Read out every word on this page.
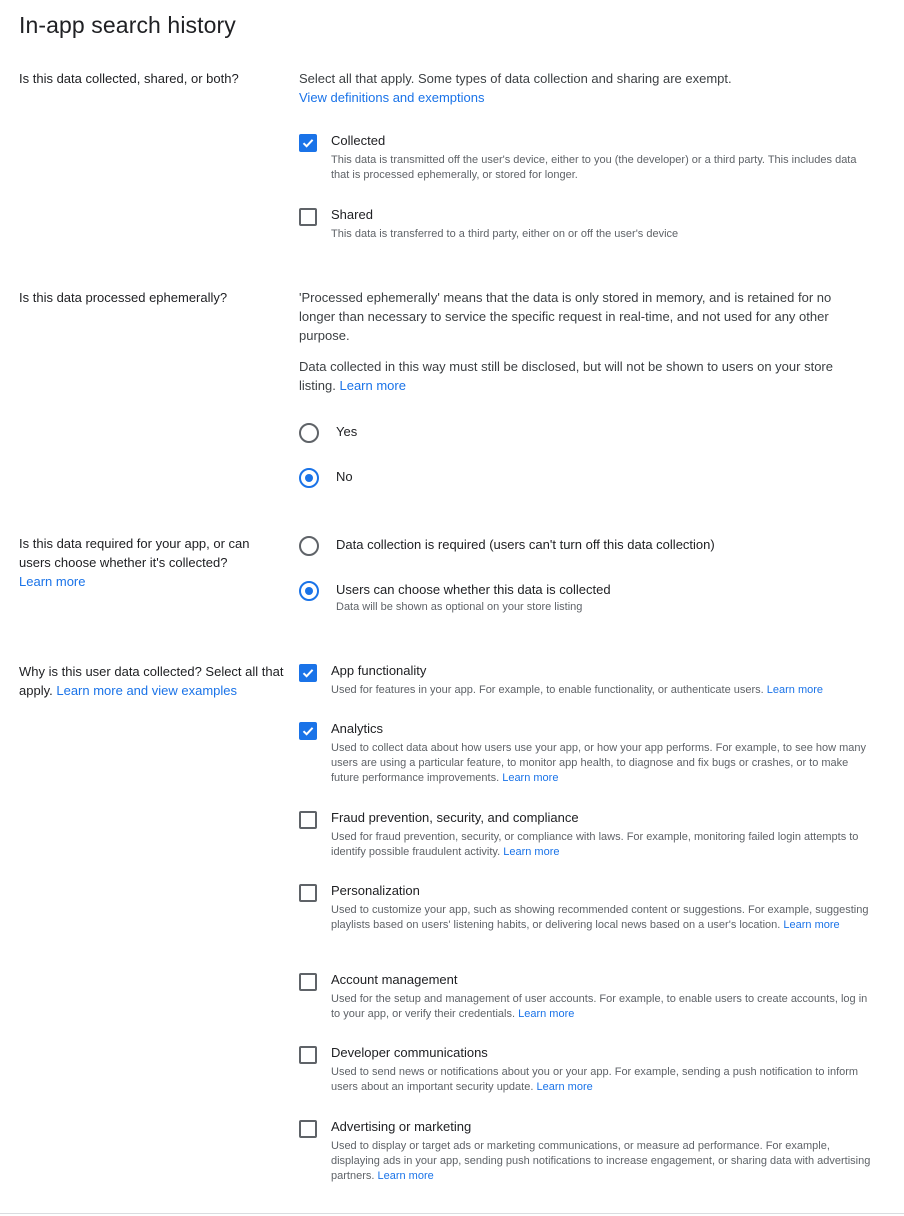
In-app search history
Is this data collected, shared, or both?	Select all that apply. Some types of data collection and sharing are exempt.
View definitions and exemptions
Collected
This data is transmitted off the user's device, either to you (the developer) or a third party. This includes data that is processed ephemerally, or stored for longer.
Shared
This data is transferred to a third party, either on or off the user's device
Is this data processed ephemerally?	'Processed ephemerally' means that the data is only stored in memory, and is retained for no longer than necessary to service the specific request in real-time, and not used for any other purpose.
Data collected in this way must still be disclosed, but will not be shown to users on your store listing. Learn more
Yes
No
Is this data required for your app, or can users choose whether it's collected?
Learn more
Data collection is required (users can't turn off this data collection)
Users can choose whether this data is collected
Data will be shown as optional on your store listing
Why is this user data collected? Select all that apply. Learn more and view examples
App functionality
Used for features in your app. For example, to enable functionality, or authenticate users. Learn more
Analytics
Used to collect data about how users use your app, or how your app performs. For example, to see how many users are using a particular feature, to monitor app health, to diagnose and fix bugs or crashes, or to make future performance improvements. Learn more
Fraud prevention, security, and compliance
Used for fraud prevention, security, or compliance with laws. For example, monitoring failed login attempts to identify possible fraudulent activity. Learn more
Personalization
Used to customize your app, such as showing recommended content or suggestions. For example, suggesting playlists based on users' listening habits, or delivering local news based on a user's location. Learn more
Account management
Used for the setup and management of user accounts. For example, to enable users to create accounts, log in to your app, or verify their credentials. Learn more
Developer communications
Used to send news or notifications about you or your app. For example, sending a push notification to inform users about an important security update. Learn more
Advertising or marketing
Used to display or target ads or marketing communications, or measure ad performance. For example, displaying ads in your app, sending push notifications to increase engagement, or sharing data with advertising partners. Learn more
